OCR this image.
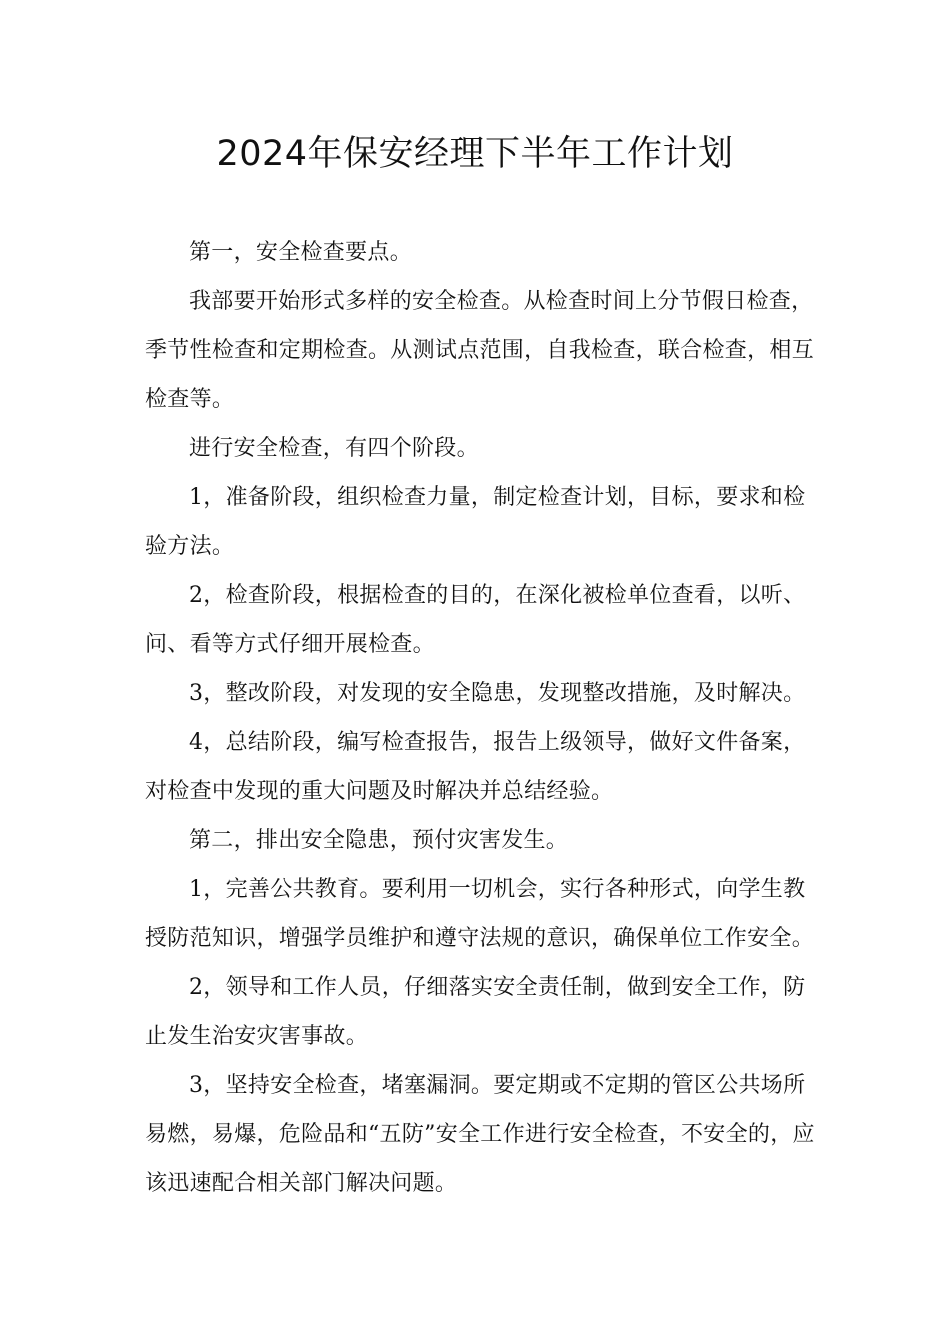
2024年保安经理下半年工作计划

第一，安全检查要点。

我部要开始形式多样的安全检查。从检查时间上分节假日检查，季节性检查和定期检查。从测试点范围，自我检查，联合检查，相互检查等。

进行安全检查，有四个阶段。

1，准备阶段，组织检查力量，制定检查计划，目标，要求和检验方法。

2，检查阶段，根据检查的目的，在深化被检单位查看，以听、问、看等方式仔细开展检查。

3，整改阶段，对发现的安全隐患，发现整改措施，及时解决。

4，总结阶段，编写检查报告，报告上级领导，做好文件备案，对检查中发现的重大问题及时解决并总结经验。

第二，排出安全隐患，预付灾害发生。

1，完善公共教育。要利用一切机会，实行各种形式，向学生教授防范知识，增强学员维护和遵守法规的意识，确保单位工作安全。

2，领导和工作人员，仔细落实安全责任制，做到安全工作，防止发生治安灾害事故。

3，坚持安全检查，堵塞漏洞。要定期或不定期的管区公共场所易燃，易爆，危险品和“五防”安全工作进行安全检查，不安全的，应该迅速配合相关部门解决问题。
